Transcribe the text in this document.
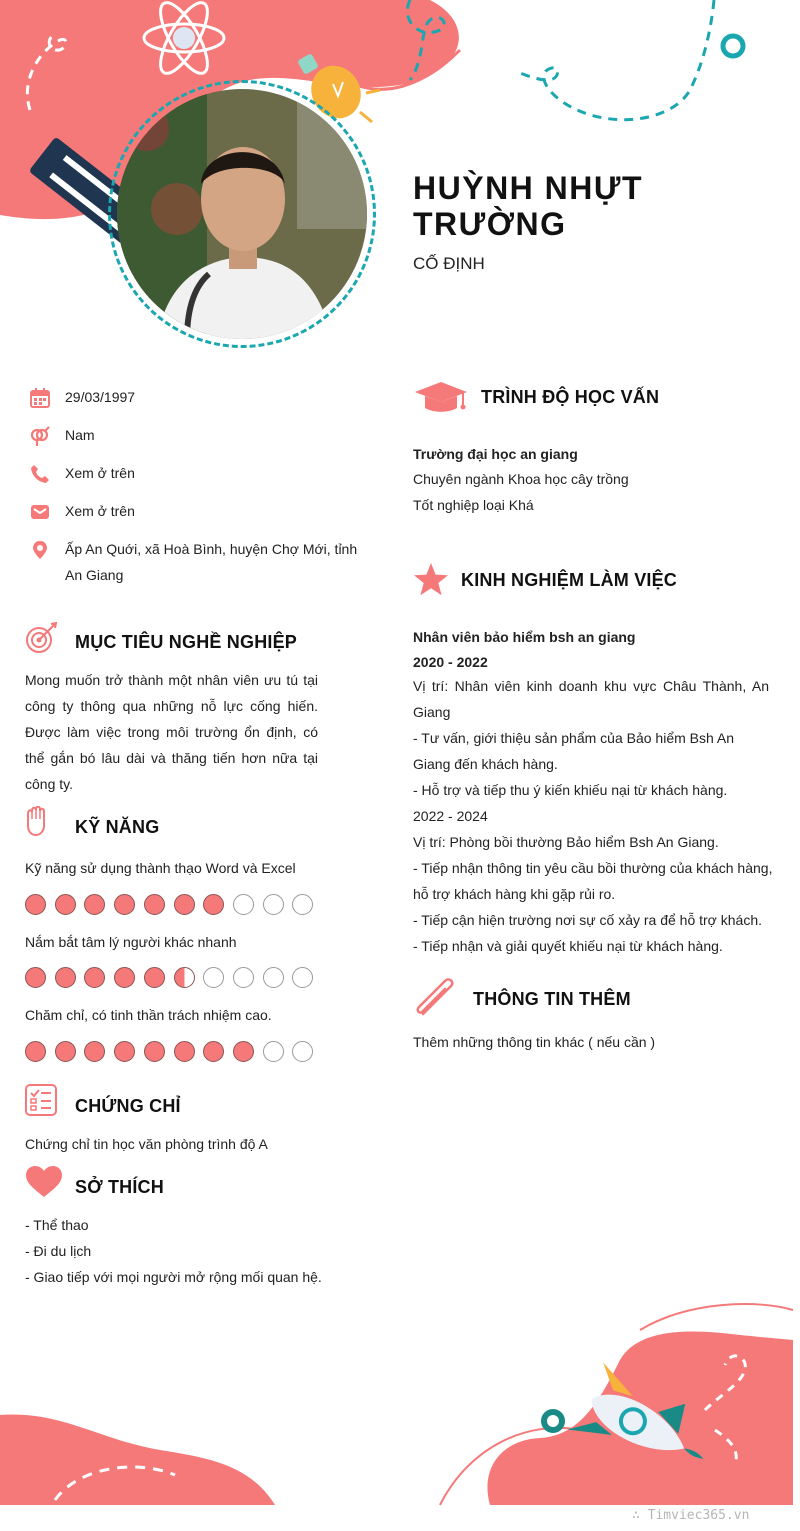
HUỲNH NHỰT TRƯỜNG
CỐ ĐỊNH
29/03/1997
Nam
Xem ở trên
Xem ở trên
Ấp An Quới, xã Hoà Bình, huyện Chợ Mới, tỉnh An Giang
MỤC TIÊU NGHỀ NGHIỆP
Mong muốn trở thành một nhân viên ưu tú tại công ty thông qua những nỗ lực cống hiến. Được làm việc trong môi trường ổn định, có thể gắn bó lâu dài và thăng tiến hơn nữa tại công ty.
KỸ NĂNG
Kỹ năng sử dụng thành thạo Word và Excel
Nắm bắt tâm lý người khác nhanh
Chăm chỉ, có tinh thần trách nhiệm cao.
CHỨNG CHỈ
Chứng chỉ tin học văn phòng trình độ A
SỞ THÍCH
- Thể thao
- Đi du lịch
- Giao tiếp với mọi người mở rộng mối quan hệ.
TRÌNH ĐỘ HỌC VẤN
Trường đại học an giang
Chuyên ngành Khoa học cây trồng
Tốt nghiệp loại Khá
KINH NGHIỆM LÀM VIỆC
Nhân viên bảo hiểm bsh an giang
2020 - 2022
Vị trí: Nhân viên kinh doanh khu vực Châu Thành, An Giang
- Tư vấn, giới thiệu sản phẩm của Bảo hiểm Bsh An Giang đến khách hàng.
- Hỗ trợ và tiếp thu ý kiến khiếu nại từ khách hàng.
2022 - 2024
Vị trí: Phòng bồi thường Bảo hiểm Bsh An Giang.
- Tiếp nhận thông tin yêu cầu bồi thường của khách hàng, hỗ trợ khách hàng khi gặp rủi ro.
- Tiếp cận hiện trường nơi sự cố xảy ra để hỗ trợ khách.
- Tiếp nhận và giải quyết khiếu nại từ khách hàng.
THÔNG TIN THÊM
Thêm những thông tin khác ( nếu cần )
∴ Timviec365.vn
